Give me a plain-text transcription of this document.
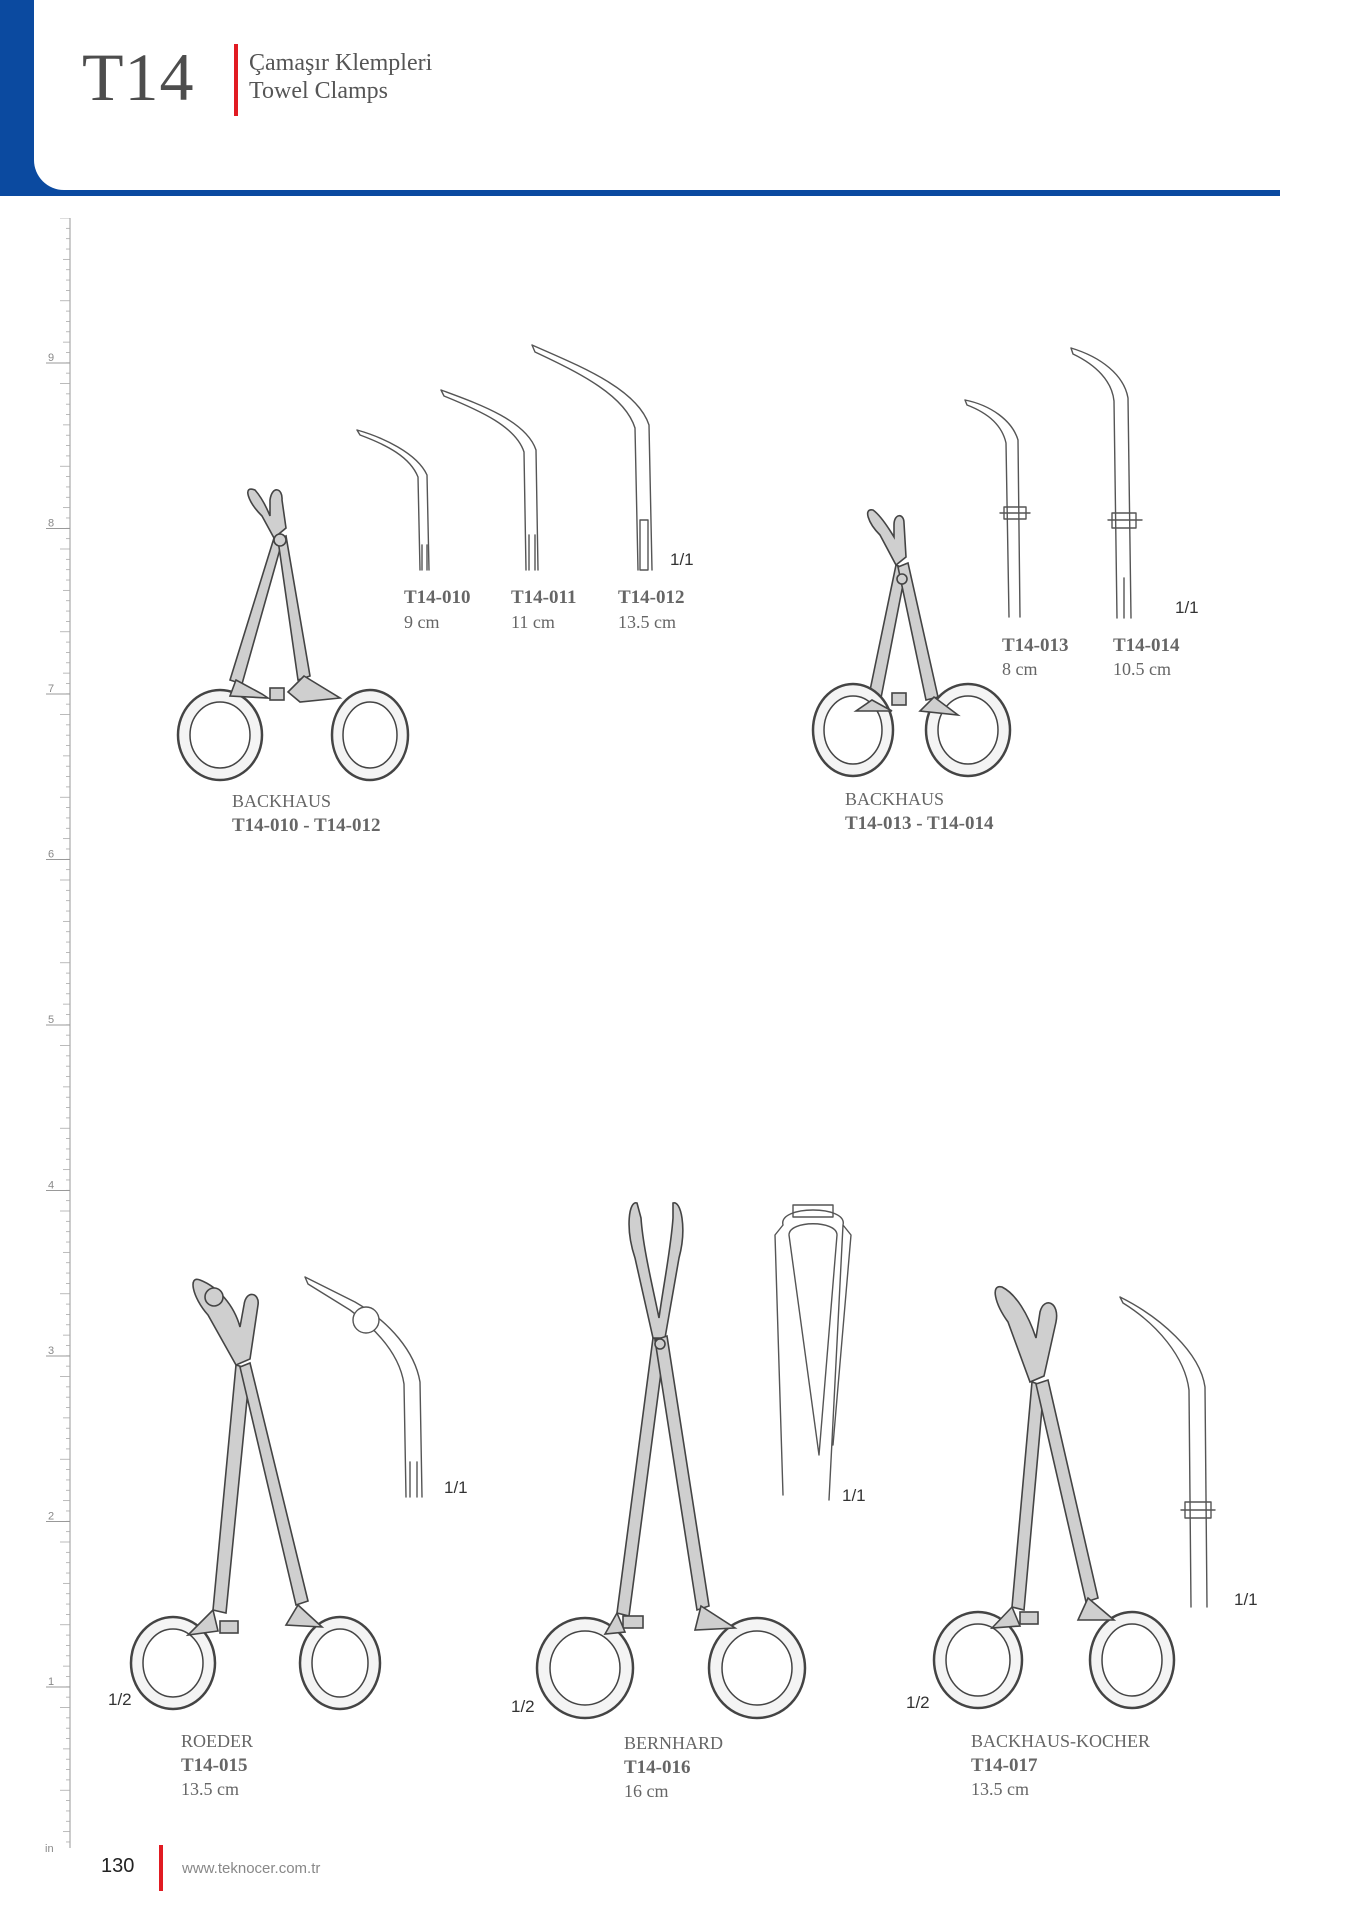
T14 Çamaşır Klempleri
Towel Clamps
9
8
7
6
5
4
3
2
1
in
1/1
T14-010
9 cm
T14-011
11 cm
T14-012
13.5 cm
BACKHAUS
T14-010 - T14-012
1/1
T14-013
8 cm
T14-014
10.5 cm
BACKHAUS
T14-013 - T14-014
1/1
1/2
ROEDER
T14-015
13.5 cm
1/1
1/2
BERNHARD
T14-016
16 cm
1/1
1/2
BACKHAUS-KOCHER
T14-017
13.5 cm
130	www.teknocer.com.tr
